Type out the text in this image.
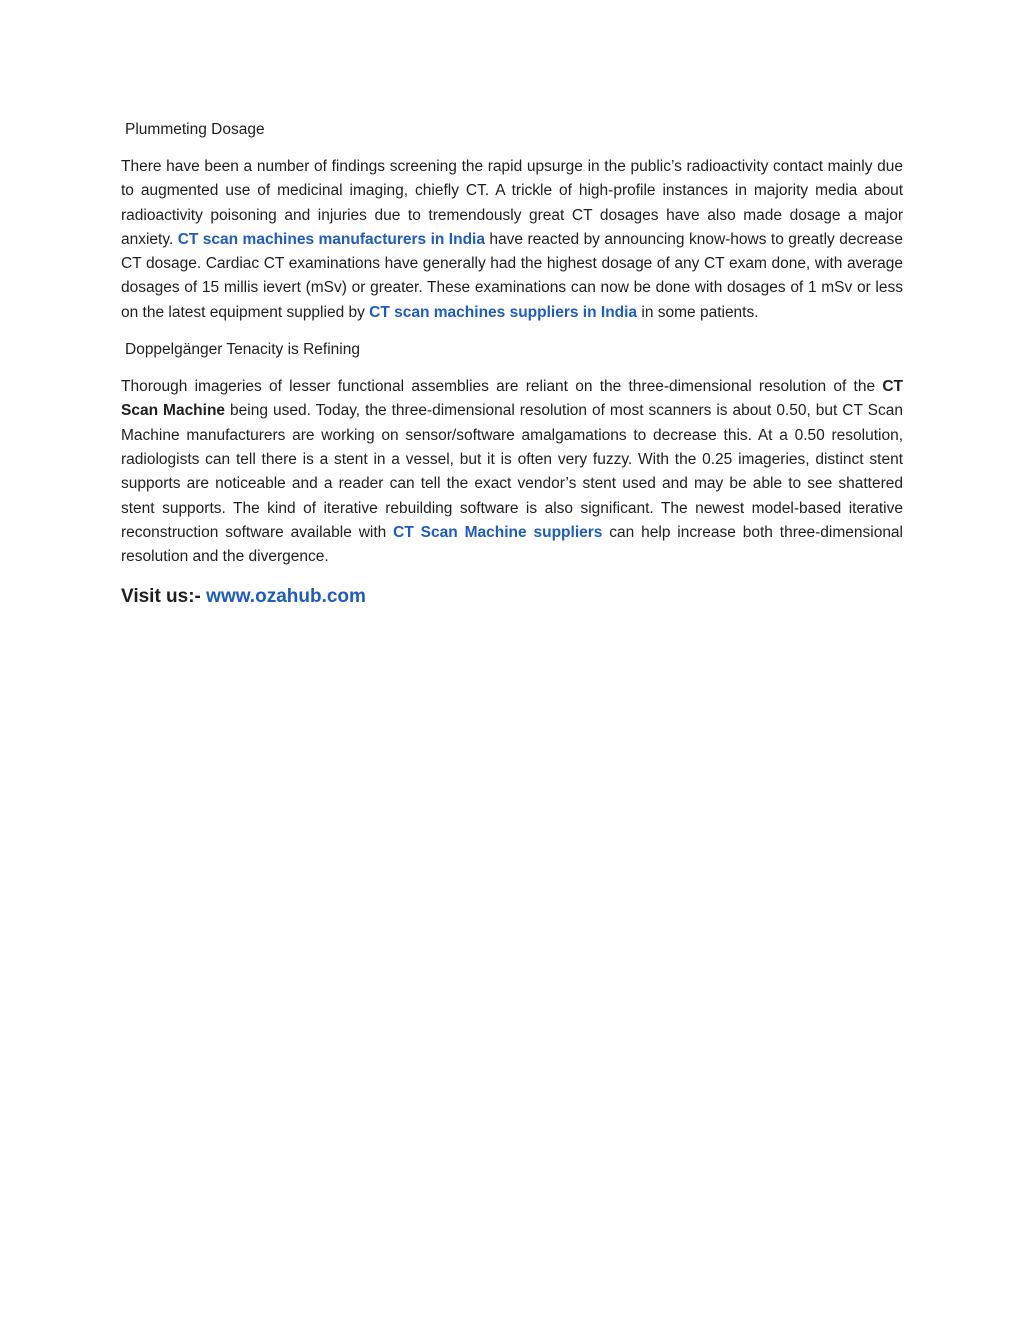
Plummeting Dosage

There have been a number of findings screening the rapid upsurge in the public’s radioactivity contact mainly due to augmented use of medicinal imaging, chiefly CT. A trickle of high-profile instances in majority media about radioactivity poisoning and injuries due to tremendously great CT dosages have also made dosage a major anxiety. CT scan machines manufacturers in India have reacted by announcing know-hows to greatly decrease CT dosage. Cardiac CT examinations have generally had the highest dosage of any CT exam done, with average dosages of 15 millis ievert (mSv) or greater. These examinations can now be done with dosages of 1 mSv or less on the latest equipment supplied by CT scan machines suppliers in India in some patients.

Doppelgänger Tenacity is Refining

Thorough imageries of lesser functional assemblies are reliant on the three-dimensional resolution of the CT Scan Machine being used. Today, the three-dimensional resolution of most scanners is about 0.50, but CT Scan Machine manufacturers are working on sensor/software amalgamations to decrease this. At a 0.50 resolution, radiologists can tell there is a stent in a vessel, but it is often very fuzzy. With the 0.25 imageries, distinct stent supports are noticeable and a reader can tell the exact vendor’s stent used and may be able to see shattered stent supports. The kind of iterative rebuilding software is also significant. The newest model-based iterative reconstruction software available with CT Scan Machine suppliers can help increase both three-dimensional resolution and the divergence.

Visit us:- www.ozahub.com
